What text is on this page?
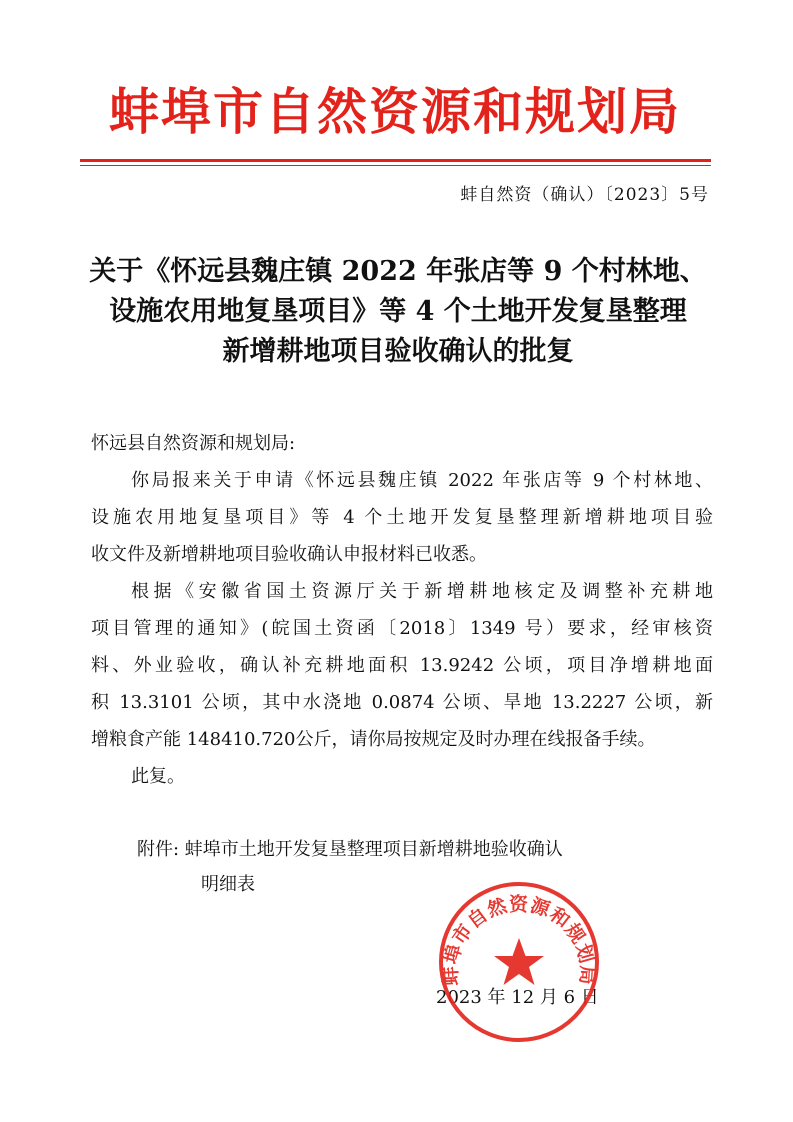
蚌埠市自然资源和规划局
蚌自然资（确认）〔2023〕5号
关于《怀远县魏庄镇 2022 年张店等 9 个村林地、
设施农用地复垦项目》等 4 个土地开发复垦整理
新增耕地项目验收确认的批复

怀远县自然资源和规划局:

你局报来关于申请《怀远县魏庄镇 2022 年张店等 9 个村林地、

设施农用地复垦项目》等 4 个土地开发复垦整理新增耕地项目验

收文件及新增耕地项目验收确认申报材料已收悉。

根据《安徽省国土资源厅关于新增耕地核定及调整补充耕地

项目管理的通知》(皖国土资函〔2018〕1349 号）要求，经审核资

料、外业验收，确认补充耕地面积 13.9242 公顷，项目净增耕地面

积 13.3101 公顷，其中水浇地 0.0874 公顷、旱地 13.2227 公顷，新

增粮食产能 148410.720公斤，请你局按规定及时办理在线报备手续。

此复。

附件: 蚌埠市土地开发复垦整理项目新增耕地验收确认
明细表
2023 年 12 月 6 日
蚌埠市自然资源和规划局
